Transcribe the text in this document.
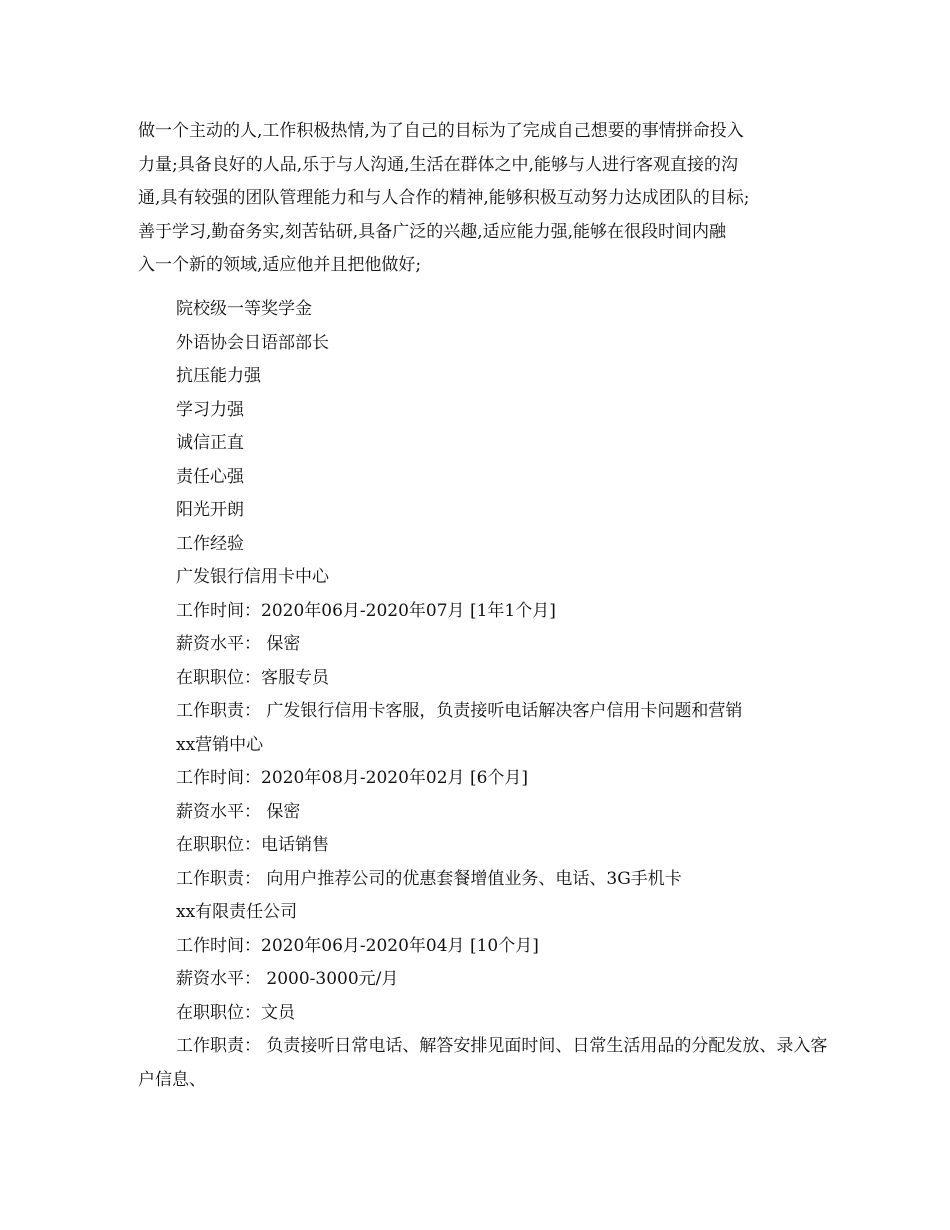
做一个主动的人,工作积极热情,为了自己的目标为了完成自己想要的事情拼命投入
力量;具备良好的人品,乐于与人沟通,生活在群体之中,能够与人进行客观直接的沟
通,具有较强的团队管理能力和与人合作的精神,能够积极互动努力达成团队的目标;
善于学习,勤奋务实,刻苦钻研,具备广泛的兴趣,适应能力强,能够在很段时间内融
入一个新的领域,适应他并且把他做好;

院校级一等奖学金
外语协会日语部部长
抗压能力强
学习力强
诚信正直
责任心强
阳光开朗
工作经验
广发银行信用卡中心
工作时间：2020年06月-2020年07月 [1年1个月]
薪资水平： 保密
在职职位：客服专员
工作职责： 广发银行信用卡客服，负责接听电话解决客户信用卡问题和营销
xx营销中心
工作时间：2020年08月-2020年02月 [6个月]
薪资水平： 保密
在职职位：电话销售
工作职责： 向用户推荐公司的优惠套餐增值业务、电话、3G手机卡
xx有限责任公司
工作时间：2020年06月-2020年04月 [10个月]
薪资水平： 2000-3000元/月
在职职位：文员
工作职责： 负责接听日常电话、解答安排见面时间、日常生活用品的分配发放、录入客户信息、
